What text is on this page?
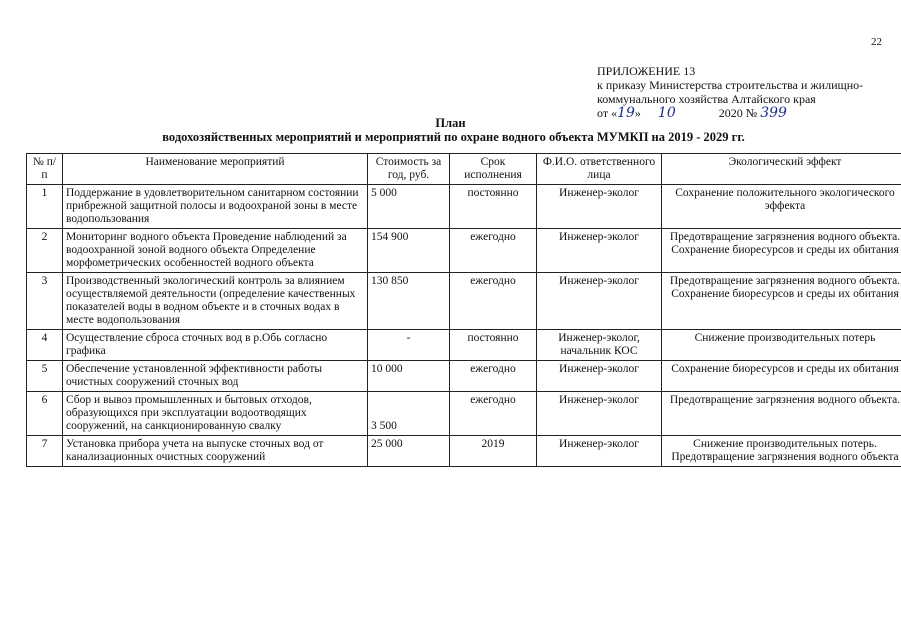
22
ПРИЛОЖЕНИЕ 13
к приказу Министерства строительства и жилищно-
коммунального хозяйства Алтайского края
от «19» 10	2020 № 399
План
водохозяйственных мероприятий и мероприятий по охране водного объекта МУМКП на 2019 - 2029 гг.
№ п/п	Наименование мероприятий	Стоимость за год, руб.	Срок исполнения	Ф.И.О. ответственного лица	Экологический эффект
1	Поддержание в удовлетворительном санитарном состоянии прибрежной защитной полосы и водоохраной зоны в месте водопользования	5 000	постоянно	Инженер-эколог	Сохранение положительного экологического эффекта
2	Мониторинг водного объекта Проведение наблюдений за водоохранной зоной водного объекта Определение морфометрических особенностей водного объекта	154 900	ежегодно	Инженер-эколог	Предотвращение загрязнения водного объекта. Сохранение биоресурсов и среды их обитания
3	Производственный экологический контроль за влиянием осуществляемой деятельности (определение качественных показателей воды в водном объекте и в сточных водах в месте водопользования	130 850	ежегодно	Инженер-эколог	Предотвращение загрязнения водного объекта. Сохранение биоресурсов и среды их обитания
4	Осуществление сброса сточных вод в р.Обь согласно графика	-	постоянно	Инженер-эколог, начальник КОС	Снижение производительных потерь
5	Обеспечение установленной эффективности работы очистных сооружений сточных вод	10 000	ежегодно	Инженер-эколог	Сохранение биоресурсов и среды их обитания
6	Сбор и вывоз промышленных и бытовых отходов, образующихся при эксплуатации водоотводящих сооружений, на санкционированную свалку	3 500	ежегодно	Инженер-эколог	Предотвращение загрязнения водного объекта.
7	Установка прибора учета на выпуске сточных вод от канализационных очистных сооружений	25 000	2019	Инженер-эколог	Снижение производительных потерь. Предотвращение загрязнения водного объекта
